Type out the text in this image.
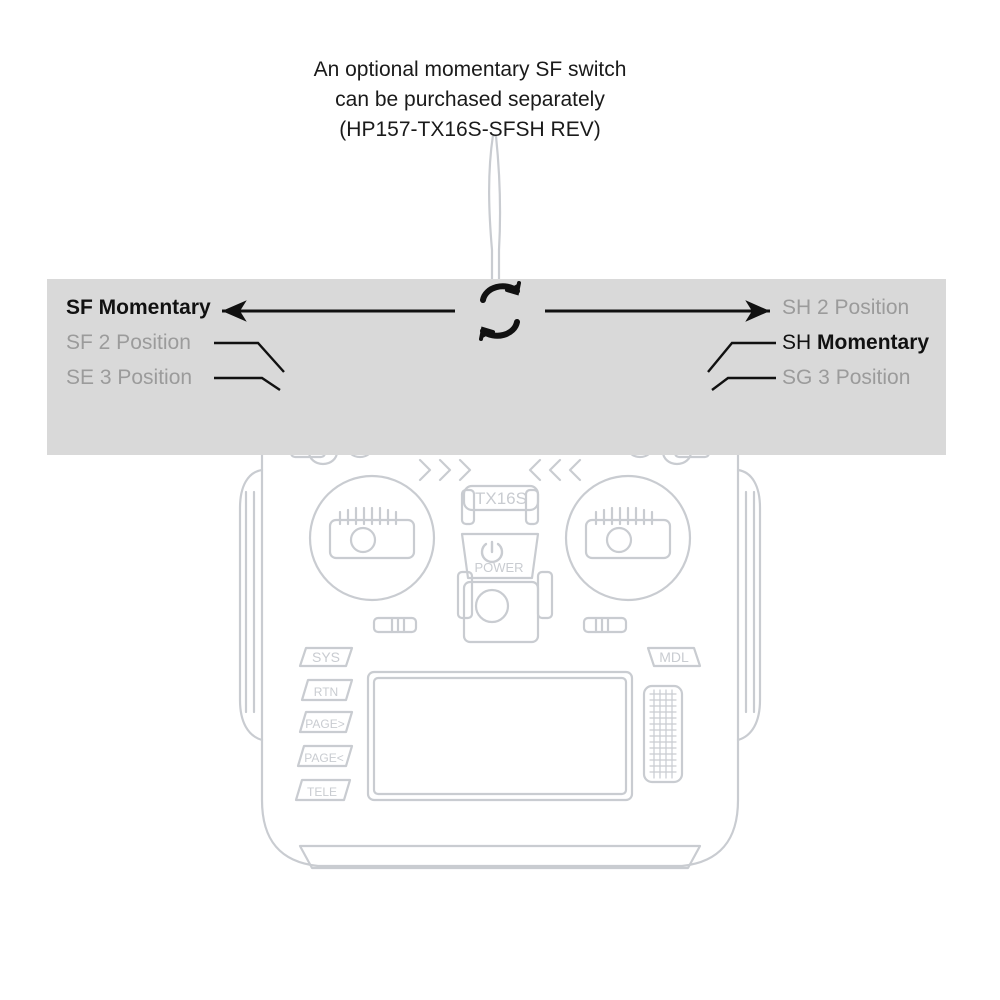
TX16S
POWER
SYS	MDL
RTN
PAGE>
PAGE<
TELE
SF Momentary
SF 2 Position
SE 3 Position
SH 2 Position
SH Momentary
SG 3 Position
An optional momentary SF switch
can be purchased separately
(HP157-TX16S-SFSH REV)
